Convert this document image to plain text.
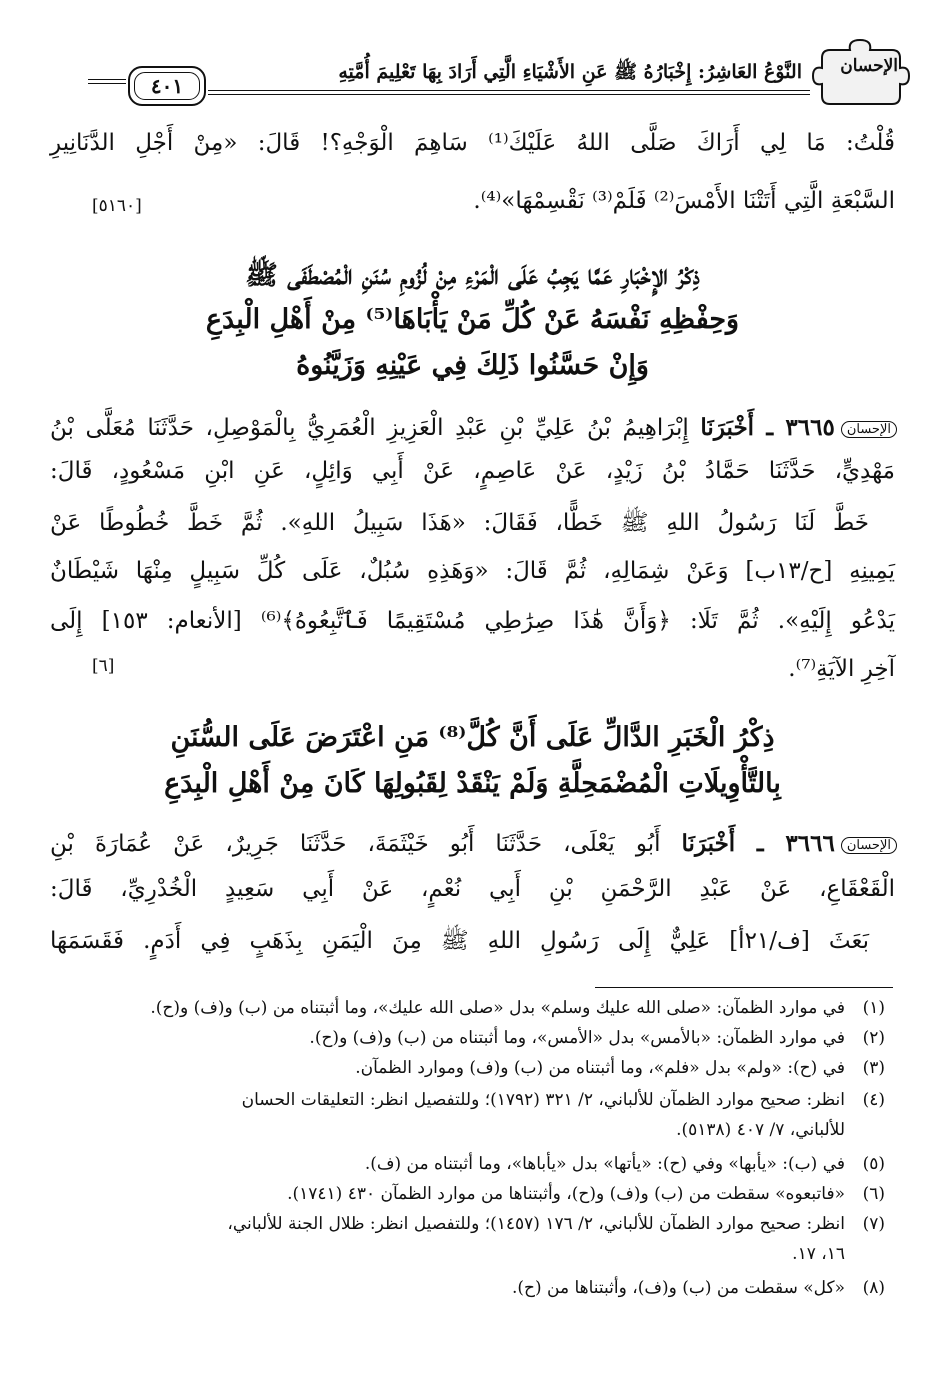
٤٠١
النَّوْعُ العَاشِرُ: إِخْبَارُهُ ﷺ عَنِ الأَشْيَاءِ الَّتِي أَرَادَ بِهَا تَعْلِيمَ أُمَّتِهِ الإحسان
قُلْتُ: مَا لِي أَرَاكَ صَلَّى اللهُ عَلَيْكَ⁽¹⁾ سَاهِمَ الْوَجْهِ؟! قَالَ: «مِنْ أَجْلِ الدَّنَانِيرِ
السَّبْعَةِ الَّتِي أَتَتْنَا الأَمْسَ⁽²⁾ فَلَمْ⁽³⁾ نَقْسِمْهَا»⁽⁴⁾.
[٥١٦٠]
ذِكْرُ الإِخْبَارِ عَمَّا يَجِبُ عَلَى الْمَرْءِ مِنْ لُزُومِ سُنَنِ الْمُصْطَفَى ﷺ
وَحِفْظِهِ نَفْسَهُ عَنْ كُلِّ مَنْ يَأْبَاهَا⁽⁵⁾ مِنْ أَهْلِ الْبِدَعِ
وَإِنْ حَسَّنُوا ذَلِكَ فِي عَيْنِهِ وَزَيَّنُوهُ
الإحسان٣٦٦٥ ـ أَخْبَرَنَا إِبْرَاهِيمُ بْنُ عَلِيِّ بْنِ عَبْدِ الْعَزِيزِ الْعُمَرِيُّ بِالْمَوْصِلِ، حَدَّثَنَا مُعَلَّى بْنُ
مَهْدِيٍّ، حَدَّثَنَا حَمَّادُ بْنُ زَيْدٍ، عَنْ عَاصِمٍ، عَنْ أَبِي وَائِلٍ، عَنِ ابْنِ مَسْعُودٍ، قَالَ:
خَطَّ لَنَا رَسُولُ اللهِ ﷺ خَطًّا، فَقَالَ: «هَذَا سَبِيلُ اللهِ». ثُمَّ خَطَّ خُطُوطًا عَنْ
يَمِينِهِ [ح/١٣ب] وَعَنْ شِمَالِهِ، ثُمَّ قَالَ: «وَهَذِهِ سُبُلٌ، عَلَى كُلِّ سَبِيلٍ مِنْهَا شَيْطَانٌ
يَدْعُو إِلَيْهِ». ثُمَّ تَلَا: ﴿وَأَنَّ هَٰذَا صِرَٰطِي مُسْتَقِيمًا فَٱتَّبِعُوهُ﴾⁽⁶⁾ [الأنعام: ١٥٣] إِلَى
آخِرِ الآيَةِ⁽⁷⁾.
[٦]
ذِكْرُ الْخَبَرِ الدَّالِّ عَلَى أَنَّ كُلَّ⁽⁸⁾ مَنِ اعْتَرَضَ عَلَى السُّنَنِ
بِالتَّأْوِيلَاتِ الْمُضْمَحِلَّةِ وَلَمْ يَنْقَدْ لِقَبُولِهَا كَانَ مِنْ أَهْلِ الْبِدَعِ
الإحسان٣٦٦٦ ـ أَخْبَرَنَا أَبُو يَعْلَى، حَدَّثَنَا أَبُو خَيْثَمَةَ، حَدَّثَنَا جَرِيرٌ، عَنْ عُمَارَةَ بْنِ
الْقَعْقَاعِ، عَنْ عَبْدِ الرَّحْمَنِ بْنِ أَبِي نُعْمٍ، عَنْ أَبِي سَعِيدٍ الْخُدْرِيِّ، قَالَ:
بَعَثَ [ف/٢١أ] عَلِيٌّ إِلَى رَسُولِ اللهِ ﷺ مِنَ الْيَمَنِ بِذَهَبٍ فِي أَدَمٍ. فَقَسَمَهَا
(١)في موارد الظمآن: «صلى الله عليك وسلم» بدل «صلى الله عليك»، وما أثبتناه من (ب) و(ف) و(ح).
(٢)في موارد الظمآن: «بالأمس» بدل «الأمس»، وما أثبتناه من (ب) و(ف) و(ح).
(٣)في (ح): «ولم» بدل «فلم»، وما أثبتناه من (ب) و(ف) وموارد الظمآن.
(٤)انظر: صحيح موارد الظمآن للألباني، ٢/ ٣٢١ (١٧٩٢)؛ وللتفصيل انظر: التعليقات الحسان
للألباني، ٧/ ٤٠٧ (٥١٣٨).
(٥)في (ب): «يأبها» وفي (ح): «يأتها» بدل «يأباها»، وما أثبتناه من (ف).
(٦)«فاتبعوه» سقطت من (ب) و(ف) و(ح)، وأثبتناها من موارد الظمآن ٤٣٠ (١٧٤١).
(٧)انظر: صحيح موارد الظمآن للألباني، ٢/ ١٧٦ (١٤٥٧)؛ وللتفصيل انظر: ظلال الجنة للألباني،
١٦، ١٧.
(٨)«كل» سقطت من (ب) و(ف)، وأثبتناها من (ح).
